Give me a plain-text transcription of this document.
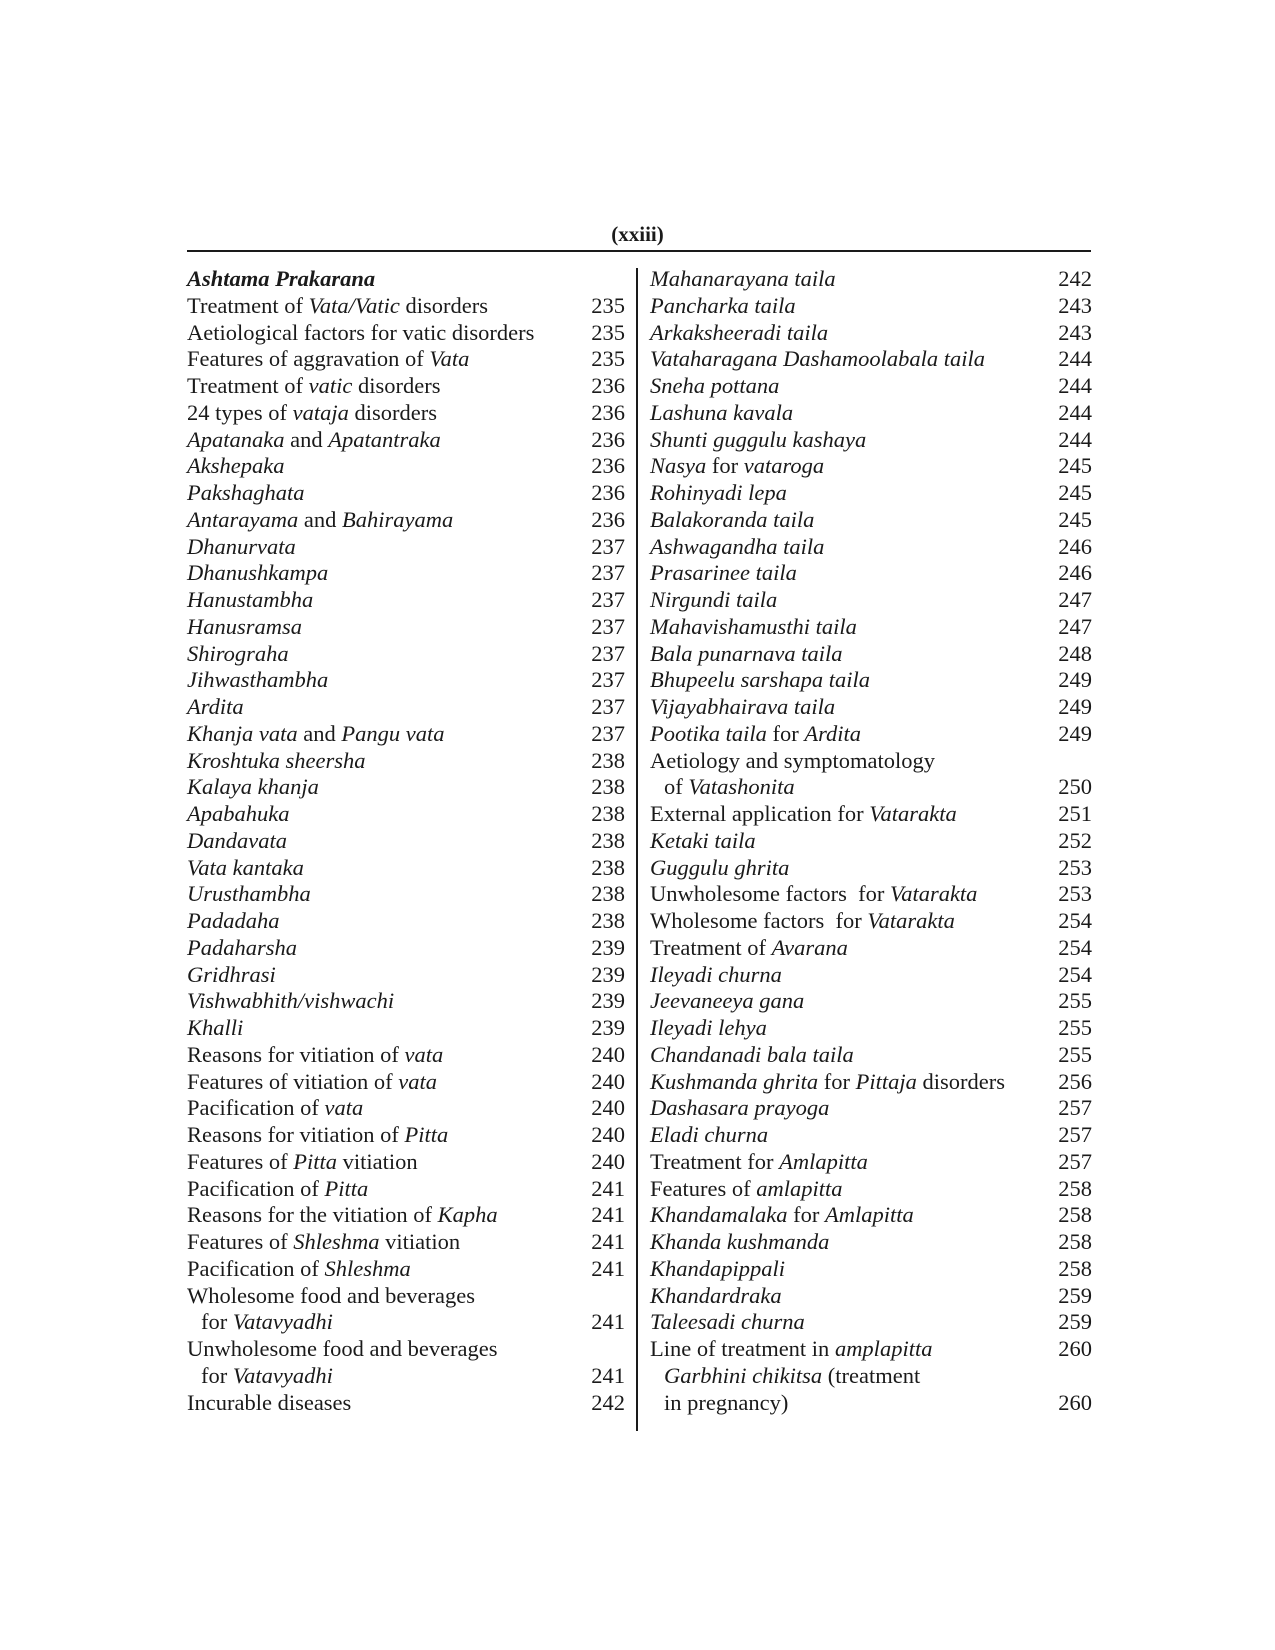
(xxiii)
Ashtama Prakarana
Treatment of Vata/Vatic disorders	235
Aetiological factors for vatic disorders	235
Features of aggravation of Vata	235
Treatment of vatic disorders	236
24 types of vataja disorders	236
Apatanaka and Apatantraka	236
Akshepaka	236
Pakshaghata	236
Antarayama and Bahirayama	236
Dhanurvata	237
Dhanushkampa	237
Hanustambha	237
Hanusramsa	237
Shirograha	237
Jihwasthambha	237
Ardita	237
Khanja vata and Pangu vata	237
Kroshtuka sheersha	238
Kalaya khanja	238
Apabahuka	238
Dandavata	238
Vata kantaka	238
Urusthambha	238
Padadaha	238
Padaharsha	239
Gridhrasi	239
Vishwabhith/vishwachi	239
Khalli	239
Reasons for vitiation of vata	240
Features of vitiation of vata	240
Pacification of vata	240
Reasons for vitiation of Pitta	240
Features of Pitta vitiation	240
Pacification of Pitta	241
Reasons for the vitiation of Kapha	241
Features of Shleshma vitiation	241
Pacification of Shleshma	241
Wholesome food and beverages
for Vatavyadhi	241
Unwholesome food and beverages
for Vatavyadhi	241
Incurable diseases	242
Mahanarayana taila	242
Pancharka taila	243
Arkaksheeradi taila	243
Vataharagana Dashamoolabala taila	244
Sneha pottana	244
Lashuna kavala	244
Shunti guggulu kashaya	244
Nasya for vataroga	245
Rohinyadi lepa	245
Balakoranda taila	245
Ashwagandha taila	246
Prasarinee taila	246
Nirgundi taila	247
Mahavishamusthi taila	247
Bala punarnava taila	248
Bhupeelu sarshapa taila	249
Vijayabhairava taila	249
Pootika taila for Ardita	249
Aetiology and symptomatology
of Vatashonita	250
External application for Vatarakta	251
Ketaki taila	252
Guggulu ghrita	253
Unwholesome factors  for Vatarakta	253
Wholesome factors  for Vatarakta	254
Treatment of Avarana	254
Ileyadi churna	254
Jeevaneeya gana	255
Ileyadi lehya	255
Chandanadi bala taila	255
Kushmanda ghrita for Pittaja disorders 256
Dashasara prayoga	257
Eladi churna	257
Treatment for Amlapitta	257
Features of amlapitta	258
Khandamalaka for Amlapitta	258
Khanda kushmanda	258
Khandapippali	258
Khandardraka	259
Taleesadi churna	259
Line of treatment in amplapitta	260
Garbhini chikitsa (treatment
in pregnancy)	260
